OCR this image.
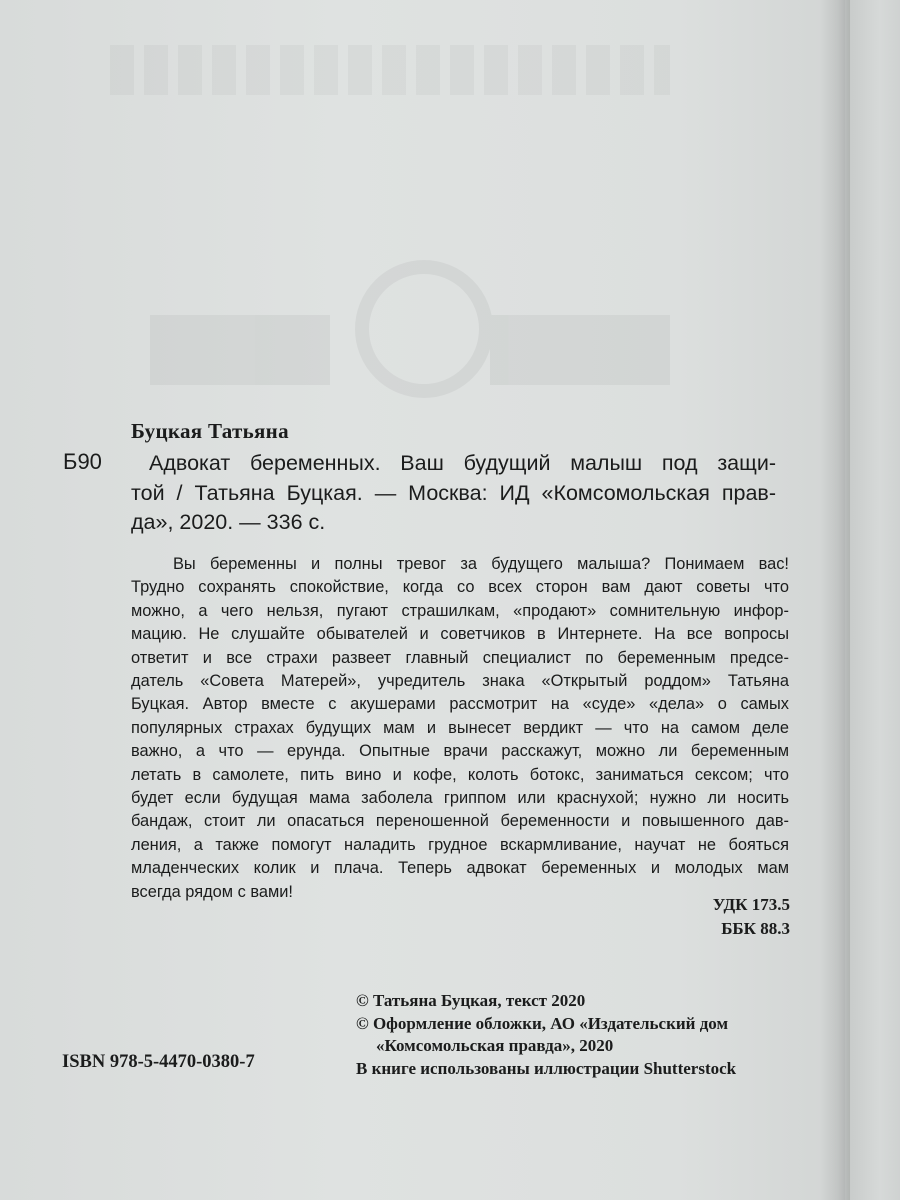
Буцкая Татьяна
Б90	Адвокат беременных. Ваш будущий малыш под защи-
той / Татьяна Буцкая. — Москва: ИД «Комсомольская прав-
да», 2020. — 336 с.
Вы беременны и полны тревог за будущего малыша? Понимаем вас!
Трудно сохранять спокойствие, когда со всех сторон вам дают советы что
можно, а чего нельзя, пугают страшилкам, «продают» сомнительную инфор-
мацию. Не слушайте обывателей и советчиков в Интернете. На все вопросы
ответит и все страхи развеет главный специалист по беременным предсе-
датель «Совета Матерей», учредитель знака «Открытый роддом» Татьяна
Буцкая. Автор вместе с акушерами рассмотрит на «суде» «дела» о самых
популярных страхах будущих мам и вынесет вердикт — что на самом деле
важно, а что — ерунда. Опытные врачи расскажут, можно ли беременным
летать в самолете, пить вино и кофе, колоть ботокс, заниматься сексом; что
будет если будущая мама заболела гриппом или краснухой; нужно ли носить
бандаж, стоит ли опасаться переношенной беременности и повышенного дав-
ления, а также помогут наладить грудное вскармливание, научат не бояться
младенческих колик и плача. Теперь адвокат беременных и молодых мам
всегда рядом с вами!
УДК 173.5
ББК 88.3
© Татьяна Буцкая, текст 2020
© Оформление обложки, АО «Издательский дом
«Комсомольская правда», 2020
В книге использованы иллюстрации Shutterstock
ISBN 978-5-4470-0380-7
